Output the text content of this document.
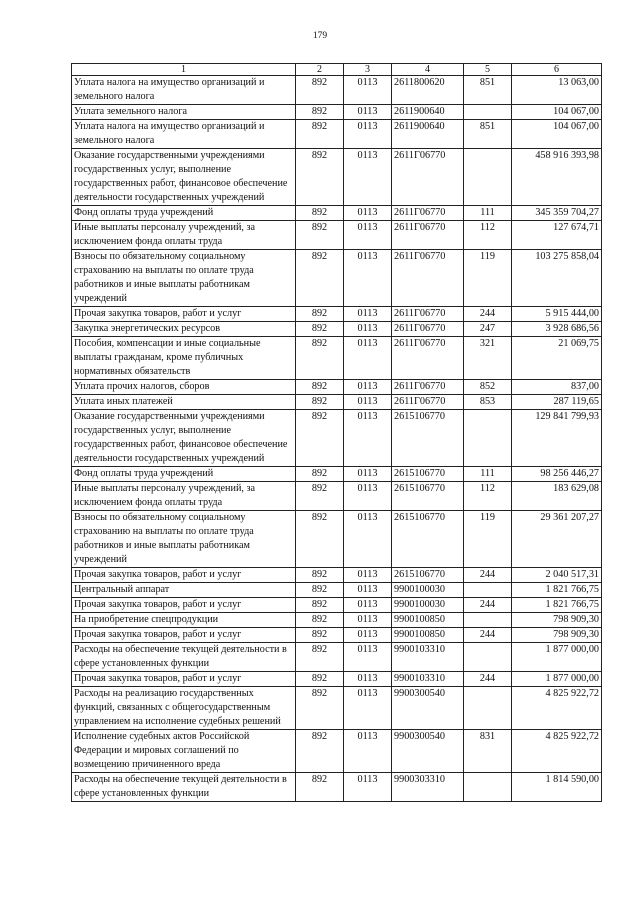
179
1	2	3	4	5	6
Уплата налога на имущество организаций и земельного налога	892	0113	2611800620	851	13 063,00
Уплата земельного налога	892	0113	2611900640		104 067,00
Уплата налога на имущество организаций и земельного налога	892	0113	2611900640	851	104 067,00
Оказание государственными учреждениями государственных услуг, выполнение государственных работ, финансовое обеспечение деятельности государственных учреждений	892	0113	2611Г06770		458 916 393,98
Фонд оплаты труда учреждений	892	0113	2611Г06770	111	345 359 704,27
Иные выплаты персоналу учреждений, за исключением фонда оплаты труда	892	0113	2611Г06770	112	127 674,71
Взносы по обязательному социальному страхованию на выплаты по оплате труда работников и иные выплаты работникам учреждений	892	0113	2611Г06770	119	103 275 858,04
Прочая закупка товаров, работ и услуг	892	0113	2611Г06770	244	5 915 444,00
Закупка энергетических ресурсов	892	0113	2611Г06770	247	3 928 686,56
Пособия, компенсации и иные социальные выплаты гражданам, кроме публичных нормативных обязательств	892	0113	2611Г06770	321	21 069,75
Уплата прочих налогов, сборов	892	0113	2611Г06770	852	837,00
Уплата иных платежей	892	0113	2611Г06770	853	287 119,65
Оказание государственными учреждениями государственных услуг, выполнение государственных работ, финансовое обеспечение деятельности государственных учреждений	892	0113	2615106770		129 841 799,93
Фонд оплаты труда учреждений	892	0113	2615106770	111	98 256 446,27
Иные выплаты персоналу учреждений, за исключением фонда оплаты труда	892	0113	2615106770	112	183 629,08
Взносы по обязательному социальному страхованию на выплаты по оплате труда работников и иные выплаты работникам учреждений	892	0113	2615106770	119	29 361 207,27
Прочая закупка товаров, работ и услуг	892	0113	2615106770	244	2 040 517,31
Центральный аппарат	892	0113	9900100030		1 821 766,75
Прочая закупка товаров, работ и услуг	892	0113	9900100030	244	1 821 766,75
На приобретение спецпродукции	892	0113	9900100850		798 909,30
Прочая закупка товаров, работ и услуг	892	0113	9900100850	244	798 909,30
Расходы на обеспечение текущей деятельности в сфере установленных функции	892	0113	9900103310		1 877 000,00
Прочая закупка товаров, работ и услуг	892	0113	9900103310	244	1 877 000,00
Расходы на реализацию государственных функций, связанных с общегосударственным управлением на исполнение судебных решений	892	0113	9900300540		4 825 922,72
Исполнение судебных актов Российской Федерации и мировых соглашений по возмещению причиненного вреда	892	0113	9900300540	831	4 825 922,72
Расходы на обеспечение текущей деятельности в сфере установленных функции	892	0113	9900303310		1 814 590,00
